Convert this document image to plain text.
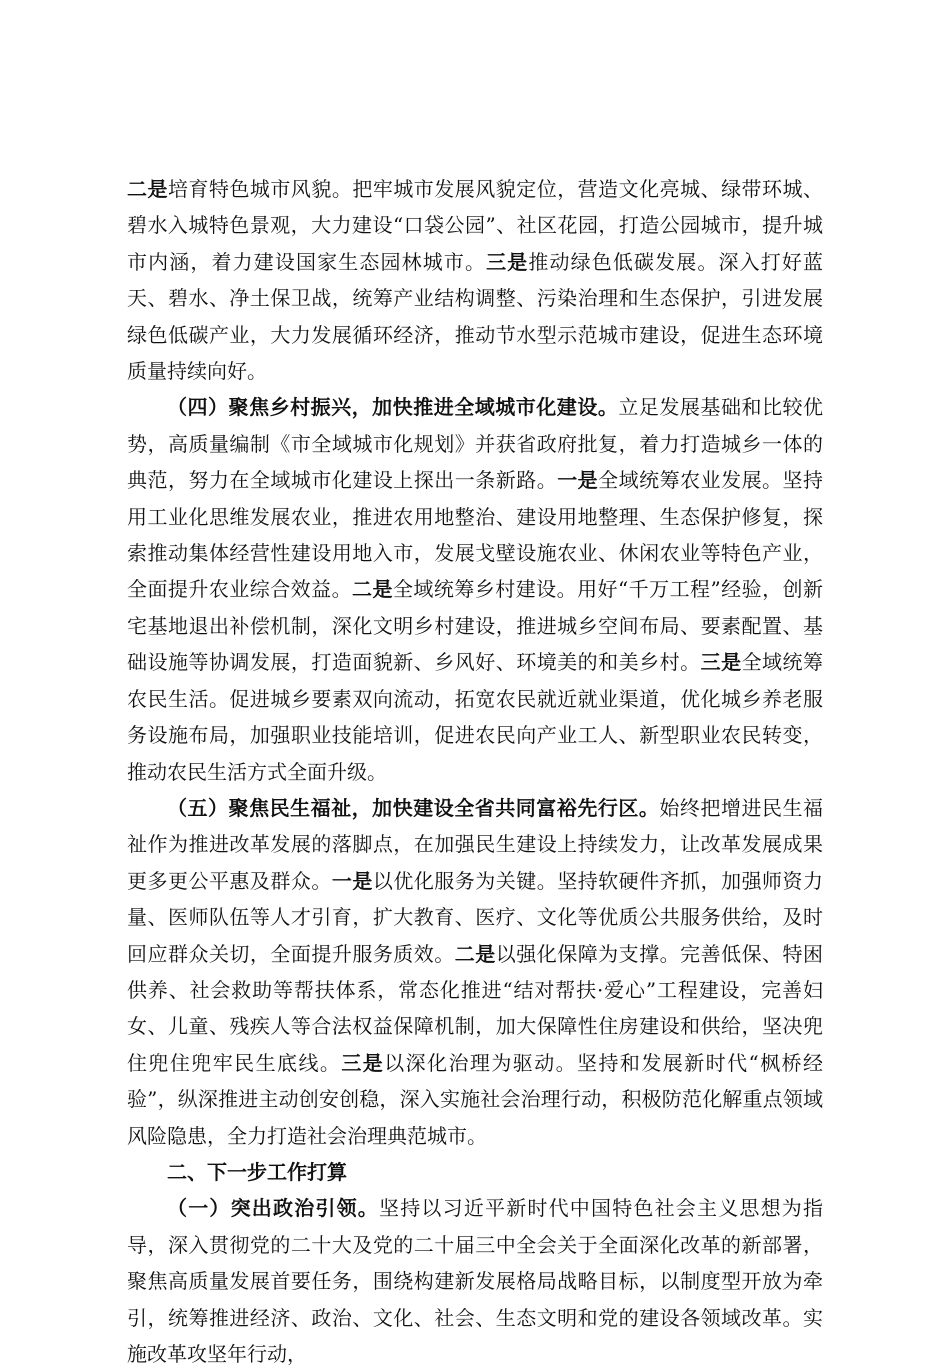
二是培育特色城市风貌。把牢城市发展风貌定位，营造文化亮城、绿带环城、碧水入城特色景观，大力建设“口袋公园”、社区花园，打造公园城市，提升城市内涵，着力建设国家生态园林城市。三是推动绿色低碳发展。深入打好蓝天、碧水、净土保卫战，统筹产业结构调整、污染治理和生态保护，引进发展绿色低碳产业，大力发展循环经济，推动节水型示范城市建设，促进生态环境质量持续向好。

（四）聚焦乡村振兴，加快推进全域城市化建设。立足发展基础和比较优势，高质量编制《市全域城市化规划》并获省政府批复，着力打造城乡一体的典范，努力在全域城市化建设上探出一条新路。一是全域统筹农业发展。坚持用工业化思维发展农业，推进农用地整治、建设用地整理、生态保护修复，探索推动集体经营性建设用地入市，发展戈壁设施农业、休闲农业等特色产业，全面提升农业综合效益。二是全域统筹乡村建设。用好“千万工程”经验，创新宅基地退出补偿机制，深化文明乡村建设，推进城乡空间布局、要素配置、基础设施等协调发展，打造面貌新、乡风好、环境美的和美乡村。三是全域统筹农民生活。促进城乡要素双向流动，拓宽农民就近就业渠道，优化城乡养老服务设施布局，加强职业技能培训，促进农民向产业工人、新型职业农民转变，推动农民生活方式全面升级。

（五）聚焦民生福祉，加快建设全省共同富裕先行区。始终把增进民生福祉作为推进改革发展的落脚点，在加强民生建设上持续发力，让改革发展成果更多更公平惠及群众。一是以优化服务为关键。坚持软硬件齐抓，加强师资力量、医师队伍等人才引育，扩大教育、医疗、文化等优质公共服务供给，及时回应群众关切，全面提升服务质效。二是以强化保障为支撑。完善低保、特困供养、社会救助等帮扶体系，常态化推进“结对帮扶·爱心”工程建设，完善妇女、儿童、残疾人等合法权益保障机制，加大保障性住房建设和供给，坚决兜住兜住兜牢民生底线。三是以深化治理为驱动。坚持和发展新时代“枫桥经验”，纵深推进主动创安创稳，深入实施社会治理行动，积极防范化解重点领域风险隐患，全力打造社会治理典范城市。

二、下一步工作打算

（一）突出政治引领。坚持以习近平新时代中国特色社会主义思想为指导，深入贯彻党的二十大及党的二十届三中全会关于全面深化改革的新部署，聚焦高质量发展首要任务，围绕构建新发展格局战略目标，以制度型开放为牵引，统筹推进经济、政治、文化、社会、生态文明和党的建设各领域改革。实施改革攻坚年行动，
